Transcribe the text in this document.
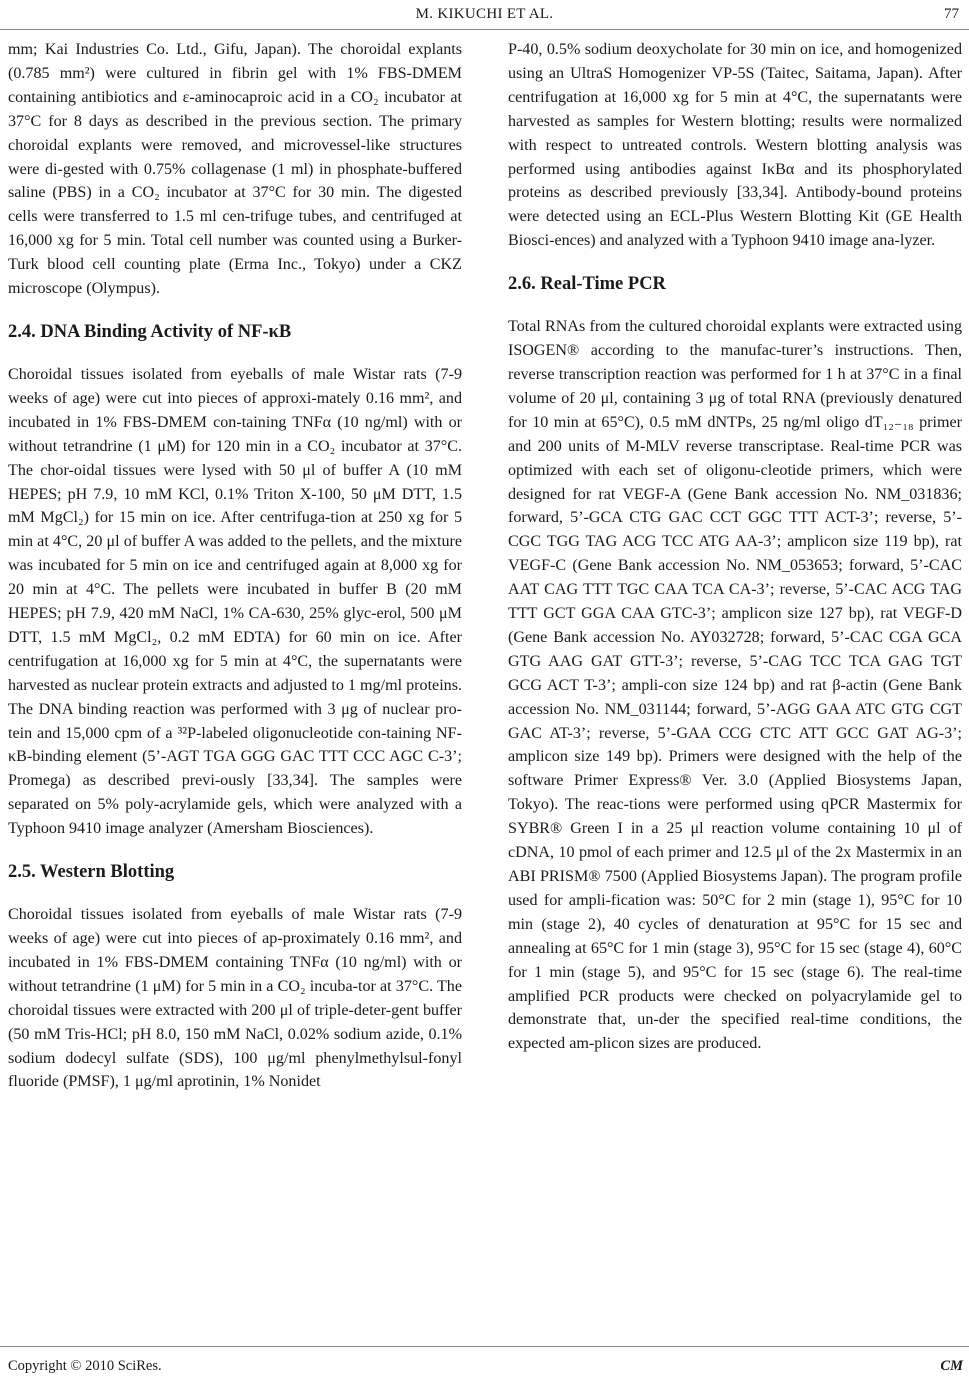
M. KIKUCHI ET AL.	77

mm; Kai Industries Co. Ltd., Gifu, Japan). The choroidal explants (0.785 mm²) were cultured in fibrin gel with 1% FBS-DMEM containing antibiotics and ε-aminocaproic acid in a CO₂ incubator at 37°C for 8 days as described in the previous section. The primary choroidal explants were removed, and microvessel-like structures were di-gested with 0.75% collagenase (1 ml) in phosphate-buffered saline (PBS) in a CO₂ incubator at 37°C for 30 min. The digested cells were transferred to 1.5 ml cen-trifuge tubes, and centrifuged at 16,000 xg for 5 min. Total cell number was counted using a Burker-Turk blood cell counting plate (Erma Inc., Tokyo) under a CKZ microscope (Olympus).

2.4. DNA Binding Activity of NF-κB

Choroidal tissues isolated from eyeballs of male Wistar rats (7-9 weeks of age) were cut into pieces of approxi-mately 0.16 mm², and incubated in 1% FBS-DMEM con-taining TNFα (10 ng/ml) with or without tetrandrine (1 μM) for 120 min in a CO₂ incubator at 37°C. The chor-oidal tissues were lysed with 50 μl of buffer A (10 mM HEPES; pH 7.9, 10 mM KCl, 0.1% Triton X-100, 50 μM DTT, 1.5 mM MgCl₂) for 15 min on ice. After centrifuga-tion at 250 xg for 5 min at 4°C, 20 μl of buffer A was added to the pellets, and the mixture was incubated for 5 min on ice and centrifuged again at 8,000 xg for 20 min at 4°C. The pellets were incubated in buffer B (20 mM HEPES; pH 7.9, 420 mM NaCl, 1% CA-630, 25% glyc-erol, 500 μM DTT, 1.5 mM MgCl₂, 0.2 mM EDTA) for 60 min on ice. After centrifugation at 16,000 xg for 5 min at 4°C, the supernatants were harvested as nuclear protein extracts and adjusted to 1 mg/ml proteins. The DNA binding reaction was performed with 3 μg of nuclear pro-tein and 15,000 cpm of a ³²P-labeled oligonucleotide con-taining NF-κB-binding element (5’-AGT TGA GGG GAC TTT CCC AGC C-3’; Promega) as described previ-ously [33,34]. The samples were separated on 5% poly-acrylamide gels, which were analyzed with a Typhoon 9410 image analyzer (Amersham Biosciences).

2.5. Western Blotting

Choroidal tissues isolated from eyeballs of male Wistar rats (7-9 weeks of age) were cut into pieces of ap-proximately 0.16 mm², and incubated in 1% FBS-DMEM containing TNFα (10 ng/ml) with or without tetrandrine (1 μM) for 5 min in a CO₂ incuba-tor at 37°C. The choroidal tissues were extracted with 200 μl of triple-deter-gent buffer (50 mM Tris-HCl; pH 8.0, 150 mM NaCl, 0.02% sodium azide, 0.1% sodium dodecyl sulfate (SDS), 100 μg/ml phenylmethylsul-fonyl fluoride (PMSF), 1 μg/ml aprotinin, 1% Nonidet

P-40, 0.5% sodium deoxycholate for 30 min on ice, and homogenized using an UltraS Homogenizer VP-5S (Taitec, Saitama, Japan). After centrifugation at 16,000 xg for 5 min at 4°C, the supernatants were harvested as samples for Western blotting; results were normalized with respect to untreated controls. Western blotting analysis was performed using antibodies against IκBα and its phosphorylated proteins as described previously [33,34]. Antibody-bound proteins were detected using an ECL-Plus Western Blotting Kit (GE Health Biosci-ences) and analyzed with a Typhoon 9410 image ana-lyzer.

2.6. Real-Time PCR

Total RNAs from the cultured choroidal explants were extracted using ISOGEN® according to the manufac-turer’s instructions. Then, reverse transcription reaction was performed for 1 h at 37°C in a final volume of 20 μl, containing 3 μg of total RNA (previously denatured for 10 min at 65°C), 0.5 mM dNTPs, 25 ng/ml oligo dT₁₂₋₁₈ primer and 200 units of M-MLV reverse transcriptase. Real-time PCR was optimized with each set of oligonu-cleotide primers, which were designed for rat VEGF-A (Gene Bank accession No. NM_031836; forward, 5’-GCA CTG GAC CCT GGC TTT ACT-3’; reverse, 5’-CGC TGG TAG ACG TCC ATG AA-3’; amplicon size 119 bp), rat VEGF-C (Gene Bank accession No. NM_053653; forward, 5’-CAC AAT CAG TTT TGC CAA TCA CA-3’; reverse, 5’-CAC ACG TAG TTT GCT GGA CAA GTC-3’; amplicon size 127 bp), rat VEGF-D (Gene Bank accession No. AY032728; forward, 5’-CAC CGA GCA GTG AAG GAT GTT-3’; reverse, 5’-CAG TCC TCA GAG TGT GCG ACT T-3’; ampli-con size 124 bp) and rat β-actin (Gene Bank accession No. NM_031144; forward, 5’-AGG GAA ATC GTG CGT GAC AT-3’; reverse, 5’-GAA CCG CTC ATT GCC GAT AG-3’; amplicon size 149 bp). Primers were designed with the help of the software Primer Express® Ver. 3.0 (Applied Biosystems Japan, Tokyo). The reac-tions were performed using qPCR Mastermix for SYBR® Green I in a 25 μl reaction volume containing 10 μl of cDNA, 10 pmol of each primer and 12.5 μl of the 2x Mastermix in an ABI PRISM® 7500 (Applied Biosystems Japan). The program profile used for ampli-fication was: 50°C for 2 min (stage 1), 95°C for 10 min (stage 2), 40 cycles of denaturation at 95°C for 15 sec and annealing at 65°C for 1 min (stage 3), 95°C for 15 sec (stage 4), 60°C for 1 min (stage 5), and 95°C for 15 sec (stage 6). The real-time amplified PCR products were checked on polyacrylamide gel to demonstrate that, un-der the specified real-time conditions, the expected am-plicon sizes are produced.

Copyright © 2010 SciRes.	CM
